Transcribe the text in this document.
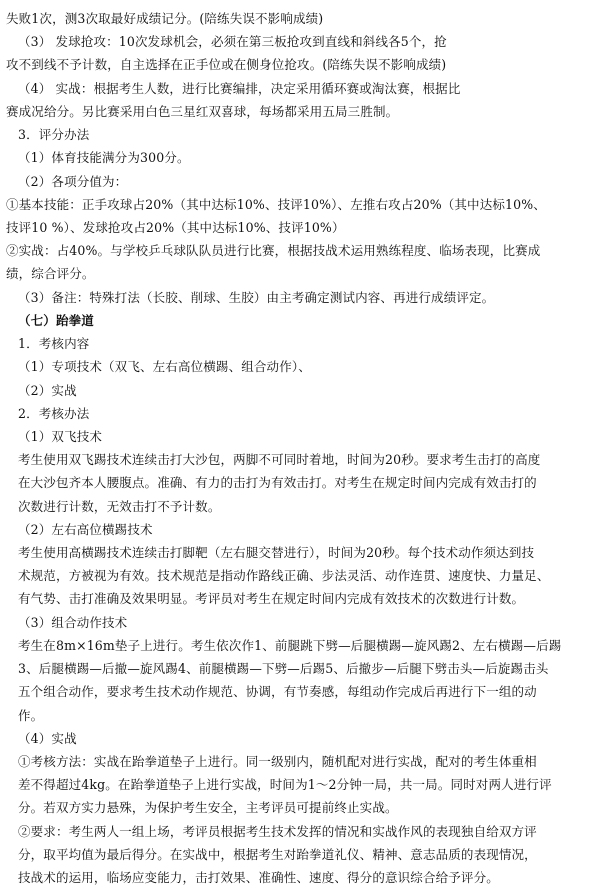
失败1次，测3次取最好成绩记分。(陪练失误不影响成绩)
（3） 发球抢攻：10次发球机会，必须在第三板抢攻到直线和斜线各5个，抢
攻不到线不予计数，自主选择在正手位或在侧身位抢攻。(陪练失误不影响成绩)
（4） 实战：根据考生人数，进行比赛编排，决定采用循环赛或淘汰赛，根据比
赛成况给分。另比赛采用白色三星红双喜球，每场都采用五局三胜制。
3．评分办法
（1）体育技能满分为300分。
（2）各项分值为：
①基本技能：正手攻球占20%（其中达标10%、技评10%）、左推右攻占20%（其中达标10%、
技评10 %）、发球抢攻占20%（其中达标10%、技评10%）
②实战：占40%。与学校乒乓球队队员进行比赛，根据技战术运用熟练程度、临场表现，比赛成
绩，综合评分。
（3）备注：特殊打法（长胶、削球、生胶）由主考确定测试内容、再进行成绩评定。
（七）跆拳道
1．考核内容
（1）专项技术（双飞、左右高位横踢、组合动作）、
（2）实战
2．考核办法
（1）双飞技术
考生使用双飞踢技术连续击打大沙包，两脚不可同时着地，时间为20秒。要求考生击打的高度
在大沙包齐本人腰腹点。准确、有力的击打为有效击打。对考生在规定时间内完成有效击打的
次数进行计数，无效击打不予计数。
（2）左右高位横踢技术
考生使用高横踢技术连续击打脚靶（左右腿交替进行），时间为20秒。每个技术动作须达到技
术规范，方被视为有效。技术规范是指动作路线正确、步法灵活、动作连贯、速度快、力量足、
有气势、击打准确及效果明显。考评员对考生在规定时间内完成有效技术的次数进行计数。
（3）组合动作技术
考生在8m×16m垫子上进行。考生依次作1、前腿跳下劈—后腿横踢—旋风踢2、左右横踢—后踢
3、后腿横踢—后撤—旋风踢4、前腿横踢—下劈—后踢5、后撤步—后腿下劈击头—后旋踢击头
五个组合动作，要求考生技术动作规范、协调，有节奏感，每组动作完成后再进行下一组的动
作。
（4）实战
①考核方法：实战在跆拳道垫子上进行。同一级别内，随机配对进行实战，配对的考生体重相
差不得超过4kg。在跆拳道垫子上进行实战，时间为1～2分钟一局，共一局。同时对两人进行评
分。若双方实力悬殊，为保护考生安全，主考评员可提前终止实战。
②要求：考生两人一组上场，考评员根据考生技术发挥的情况和实战作风的表现独自给双方评
分，取平均值为最后得分。在实战中，根据考生对跆拳道礼仪、精神、意志品质的表现情况，
技战术的运用，临场应变能力，击打效果、准确性、速度、得分的意识综合给予评分。
